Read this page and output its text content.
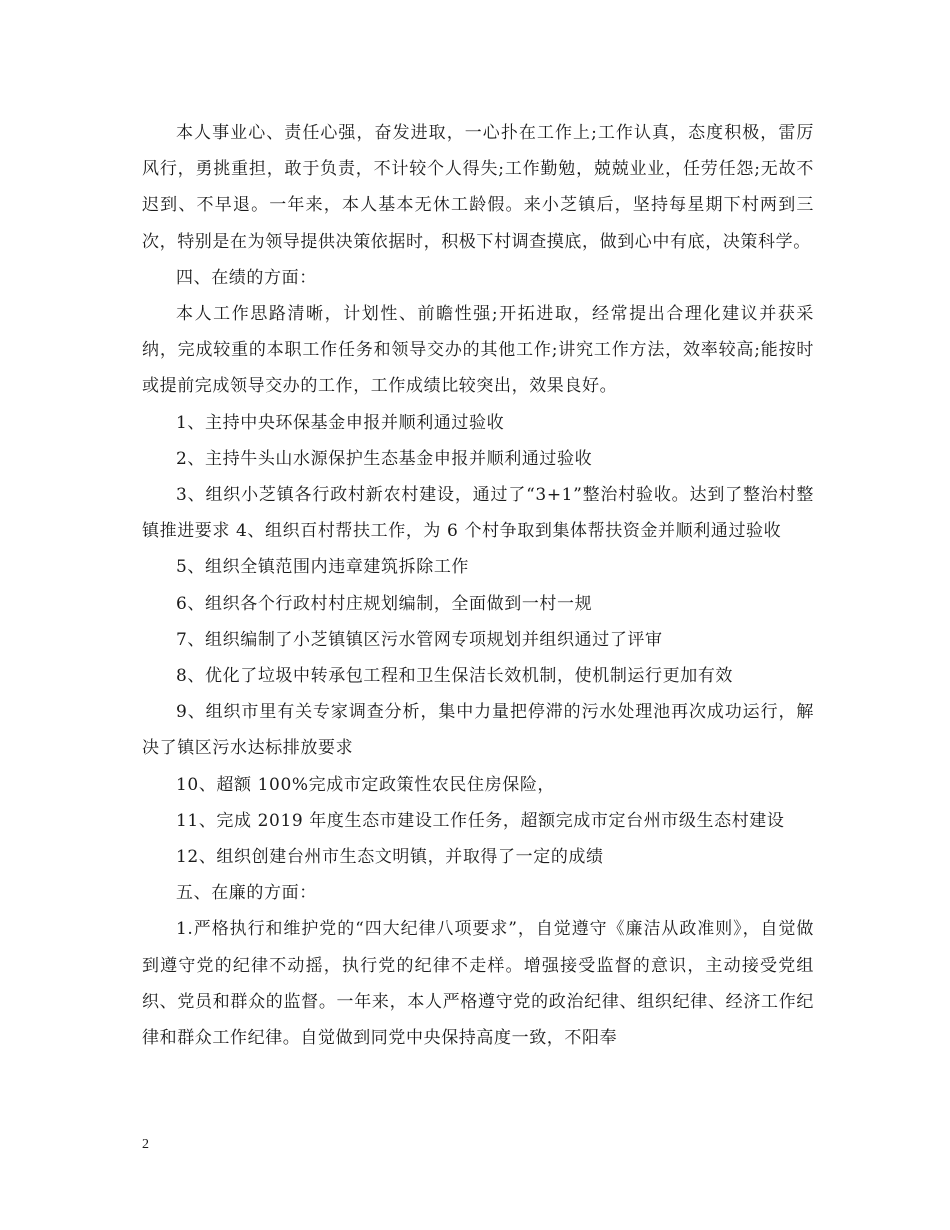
本人事业心、责任心强，奋发进取，一心扑在工作上;工作认真，态度积极，雷厉风行，勇挑重担，敢于负责，不计较个人得失;工作勤勉，兢兢业业，任劳任怨;无故不迟到、不早退。一年来，本人基本无休工龄假。来小芝镇后，坚持每星期下村两到三次，特别是在为领导提供决策依据时，积极下村调查摸底，做到心中有底，决策科学。

四、在绩的方面：

本人工作思路清晰，计划性、前瞻性强;开拓进取，经常提出合理化建议并获采纳，完成较重的本职工作任务和领导交办的其他工作;讲究工作方法，效率较高;能按时或提前完成领导交办的工作，工作成绩比较突出，效果良好。

1、主持中央环保基金申报并顺利通过验收

2、主持牛头山水源保护生态基金申报并顺利通过验收

3、组织小芝镇各行政村新农村建设，通过了“3+1”整治村验收。达到了整治村整镇推进要求 4、组织百村帮扶工作，为 6 个村争取到集体帮扶资金并顺利通过验收

5、组织全镇范围内违章建筑拆除工作

6、组织各个行政村村庄规划编制，全面做到一村一规

7、组织编制了小芝镇镇区污水管网专项规划并组织通过了评审

8、优化了垃圾中转承包工程和卫生保洁长效机制，使机制运行更加有效

9、组织市里有关专家调查分析，集中力量把停滞的污水处理池再次成功运行，解决了镇区污水达标排放要求

10、超额 100%完成市定政策性农民住房保险，

11、完成 2019 年度生态市建设工作任务，超额完成市定台州市级生态村建设

12、组织创建台州市生态文明镇，并取得了一定的成绩

五、在廉的方面：

1.严格执行和维护党的“四大纪律八项要求”，自觉遵守《廉洁从政准则》，自觉做到遵守党的纪律不动摇，执行党的纪律不走样。增强接受监督的意识，主动接受党组织、党员和群众的监督。一年来，本人严格遵守党的政治纪律、组织纪律、经济工作纪律和群众工作纪律。自觉做到同党中央保持高度一致，不阳奉

2
